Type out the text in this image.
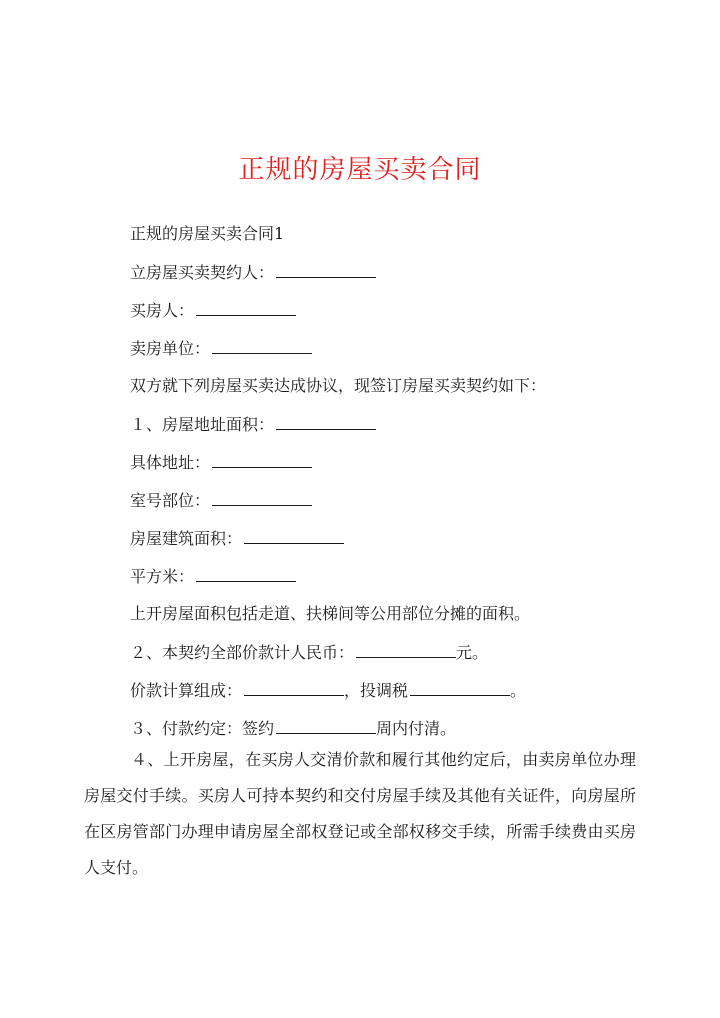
正规的房屋买卖合同
正规的房屋买卖合同1
立房屋买卖契约人：
买房人：
卖房单位：
双方就下列房屋买卖达成协议，现签订房屋买卖契约如下：
１、房屋地址面积：
具体地址：
室号部位：
房屋建筑面积：
平方米：
上开房屋面积包括走道、扶梯间等公用部位分摊的面积。
２、本契约全部价款计人民币：	元。
价款计算组成：	，投调税	。
３、付款约定：签约	周内付清。
４、上开房屋，在买房人交清价款和履行其他约定后，由卖房单位办理房屋交付手续。买房人可持本契约和交付房屋手续及其他有关证件，向房屋所在区房管部门办理申请房屋全部权登记或全部权移交手续，所需手续费由买房人支付。
